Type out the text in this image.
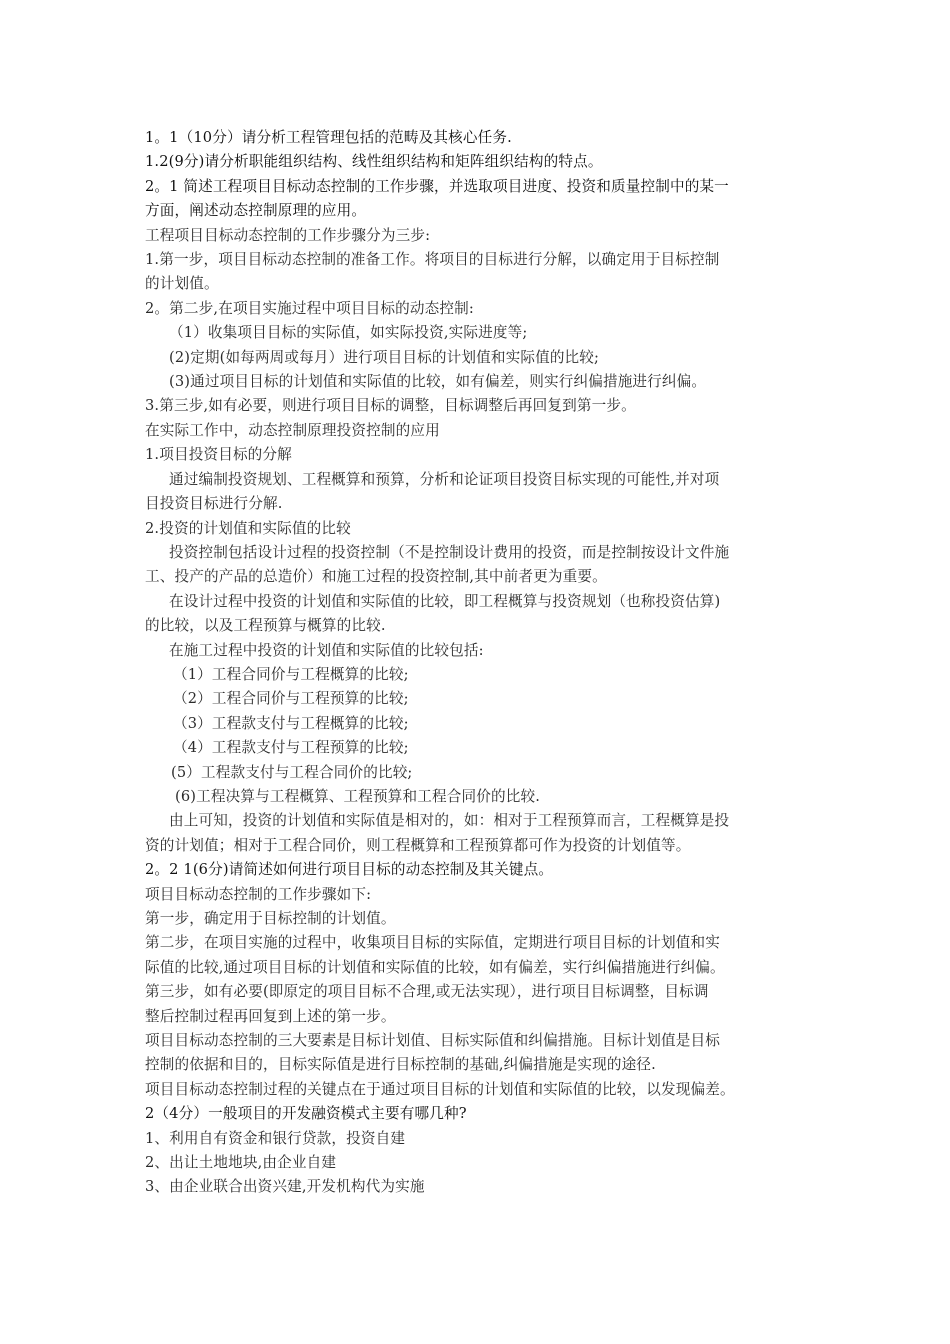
1。1（10分）请分析工程管理包括的范畴及其核心任务.
1.2(9分)请分析职能组织结构、线性组织结构和矩阵组织结构的特点。
2。1 简述工程项目目标动态控制的工作步骤，并选取项目进度、投资和质量控制中的某一
方面，阐述动态控制原理的应用。
工程项目目标动态控制的工作步骤分为三步:
1.第一步，项目目标动态控制的准备工作。将项目的目标进行分解，以确定用于目标控制
的计划值。
2。第二步,在项目实施过程中项目目标的动态控制:
（1）收集项目目标的实际值，如实际投资,实际进度等;
(2)定期(如每两周或每月）进行项目目标的计划值和实际值的比较;
(3)通过项目目标的计划值和实际值的比较，如有偏差，则实行纠偏措施进行纠偏。
3.第三步,如有必要，则进行项目目标的调整，目标调整后再回复到第一步。
在实际工作中，动态控制原理投资控制的应用
1.项目投资目标的分解
通过编制投资规划、工程概算和预算，分析和论证项目投资目标实现的可能性,并对项
目投资目标进行分解.
2.投资的计划值和实际值的比较
投资控制包括设计过程的投资控制（不是控制设计费用的投资，而是控制按设计文件施
工、投产的产品的总造价）和施工过程的投资控制,其中前者更为重要。
在设计过程中投资的计划值和实际值的比较，即工程概算与投资规划（也称投资估算)
的比较，以及工程预算与概算的比较.
在施工过程中投资的计划值和实际值的比较包括:
（1）工程合同价与工程概算的比较;
（2）工程合同价与工程预算的比较;
（3）工程款支付与工程概算的比较;
（4）工程款支付与工程预算的比较;
(5）工程款支付与工程合同价的比较;
(6)工程决算与工程概算、工程预算和工程合同价的比较.
由上可知，投资的计划值和实际值是相对的，如：相对于工程预算而言，工程概算是投
资的计划值；相对于工程合同价，则工程概算和工程预算都可作为投资的计划值等。
2。2 1(6分)请简述如何进行项目目标的动态控制及其关键点。
项目目标动态控制的工作步骤如下:
第一步，确定用于目标控制的计划值。
第二步，在项目实施的过程中，收集项目目标的实际值，定期进行项目目标的计划值和实
际值的比较,通过项目目标的计划值和实际值的比较，如有偏差，实行纠偏措施进行纠偏。
第三步，如有必要(即原定的项目目标不合理,或无法实现），进行项目目标调整，目标调
整后控制过程再回复到上述的第一步。
项目目标动态控制的三大要素是目标计划值、目标实际值和纠偏措施。目标计划值是目标
控制的依据和目的，目标实际值是进行目标控制的基础,纠偏措施是实现的途径.
项目目标动态控制过程的关键点在于通过项目目标的计划值和实际值的比较，以发现偏差。
2（4分）一般项目的开发融资模式主要有哪几种?
1、利用自有资金和银行贷款，投资自建
2、出让土地地块,由企业自建
3、由企业联合出资兴建,开发机构代为实施
